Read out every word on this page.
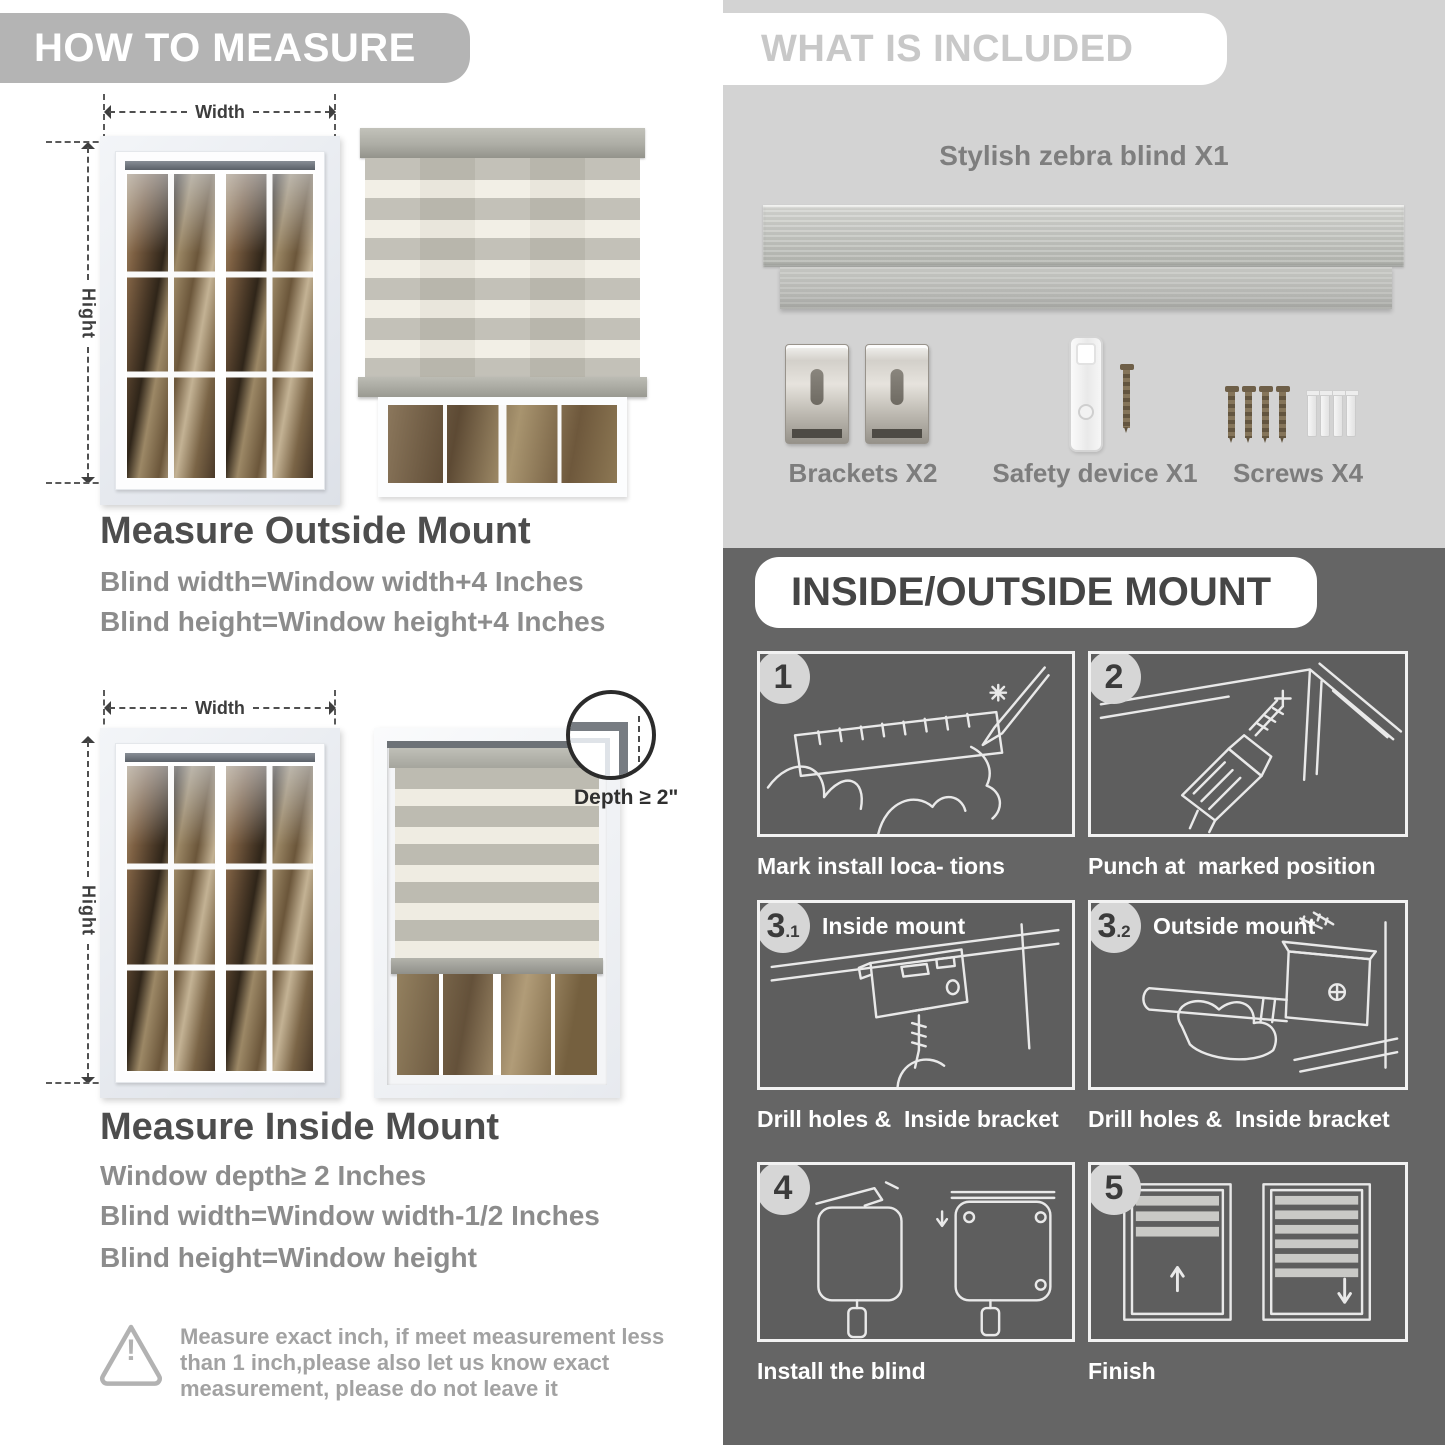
HOW TO MEASURE
Width
Hight
Measure Outside Mount

Blind width=Window width+4 Inches

Blind height=Window height+4 Inches

Width
Hight
Depth ≥ 2"
Measure Inside Mount

Window depth≥ 2 Inches

Blind width=Window width-1/2 Inches

Blind height=Window height

!	Measure exact inch, if meet measurement less
than 1 inch,please also let us know exact
measurement, please do not leave it
WHAT IS INCLUDED

Stylish zebra blind X1

Brackets X2	Safety device X1	Screws X4
INSIDE/OUTSIDE MOUNT
1
Mark install loca- tions
2
Punch at  marked position
3 .1 Inside mount
Drill holes &  Inside bracket
3 .2 Outside mount
Drill holes &  Inside bracket
4
Install the blind
5
Finish
